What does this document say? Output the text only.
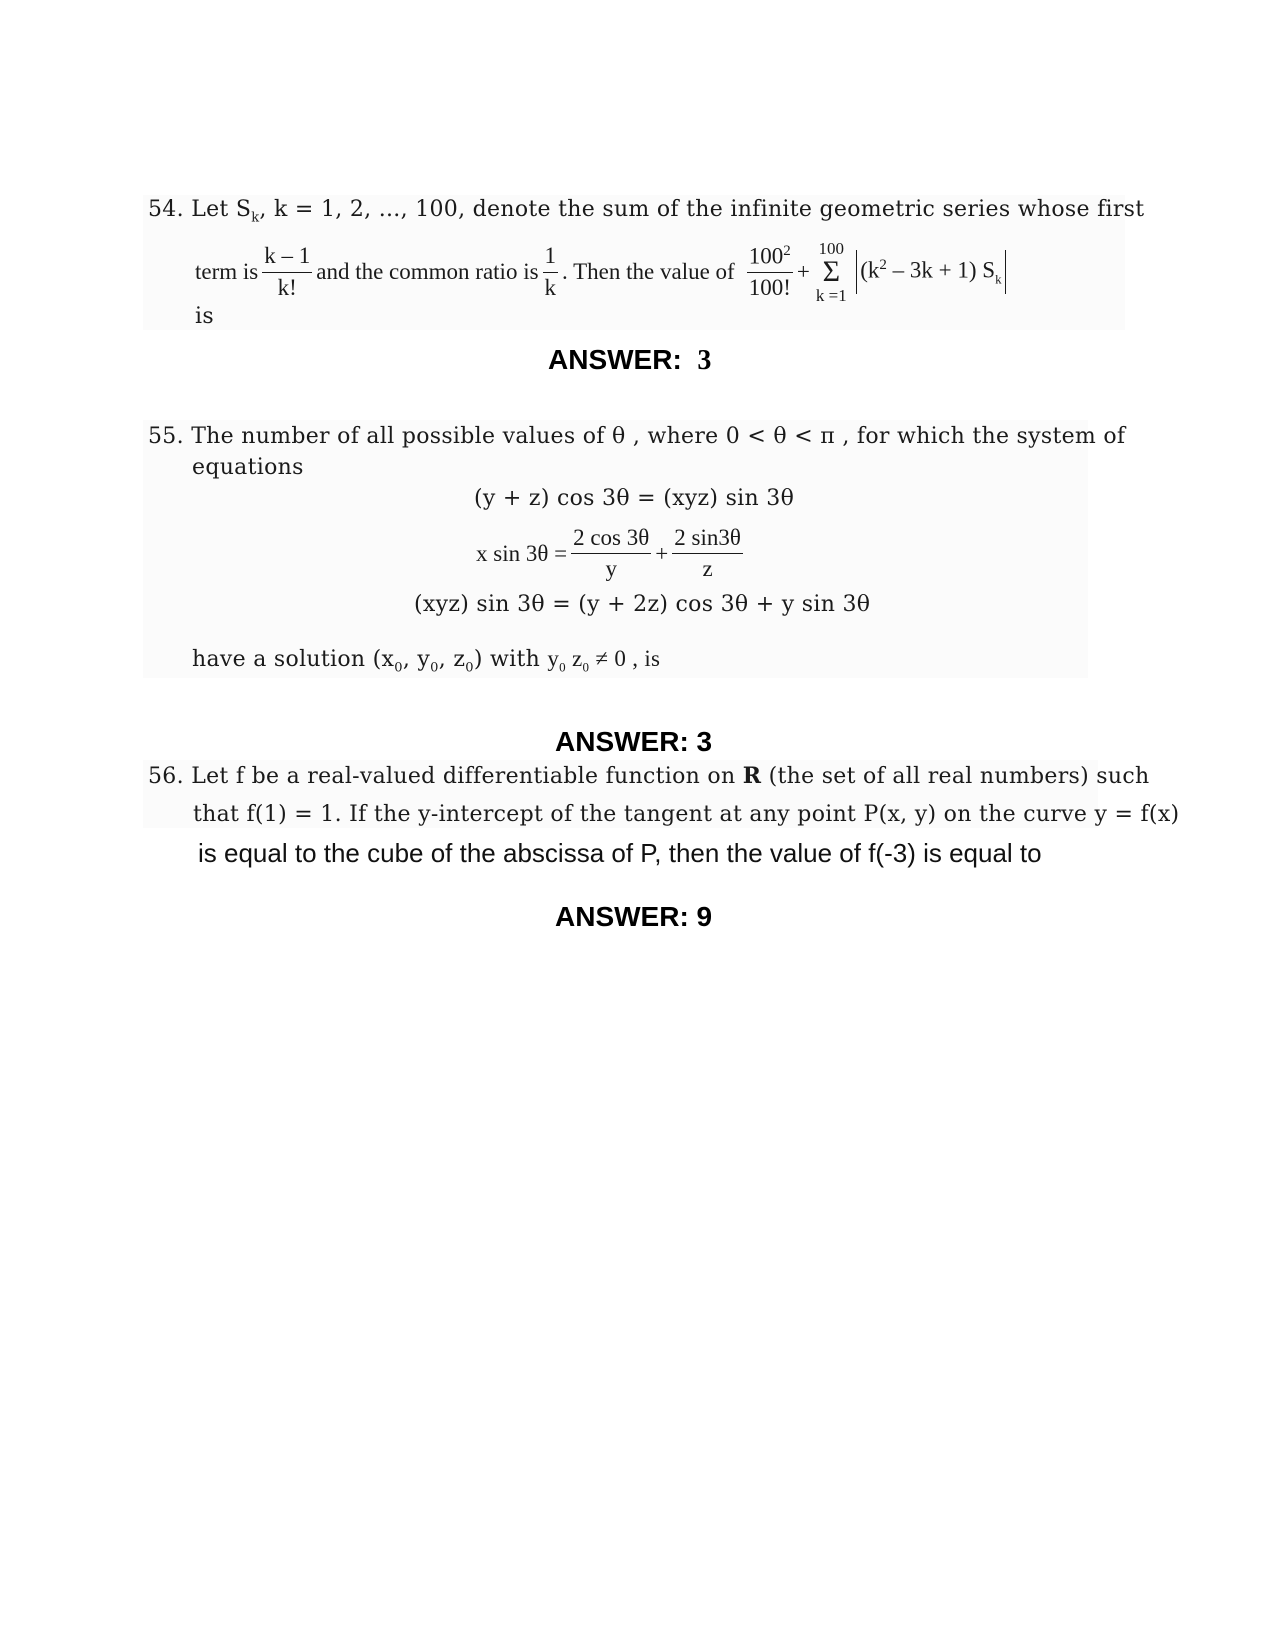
54. Let $S_k$, k = 1, 2, ..., 100, denote the sum of the infinite geometric series whose first
term is $\frac{k - 1}{k!}$ and the common ratio is $\frac{1}{k}$ . Then the value of $\frac{100^2}{100!}$ +
100
Σ
k =1
$(k^2 - 3k + 1)$ $S_k$
is
ANSWER: 3
55. The number of all possible values of θ , where 0 < θ < π , for which the system of
equations
(y + z) cos 3θ = (xyz) sin 3θ
x $\sin 3\theta = \frac{2 \cos 3\theta}{y} + \frac{2 \sin 3\theta}{z}$
(xyz) sin 3θ = (y + 2z) cos 3θ + y sin 3θ
have a solution ($x_0$, $y_0$, $z_0$) with $y_0$ $z_0 \ne 0$ , is
ANSWER: 3
56. Let f be a real-valued differentiable function on R (the set of all real numbers) such
that f(1) = 1. If the y-intercept of the tangent at any point P(x, y) on the curve y = f(x)
is equal to the cube of the abscissa of P, then the value of f(-3) is equal to
ANSWER: 9
